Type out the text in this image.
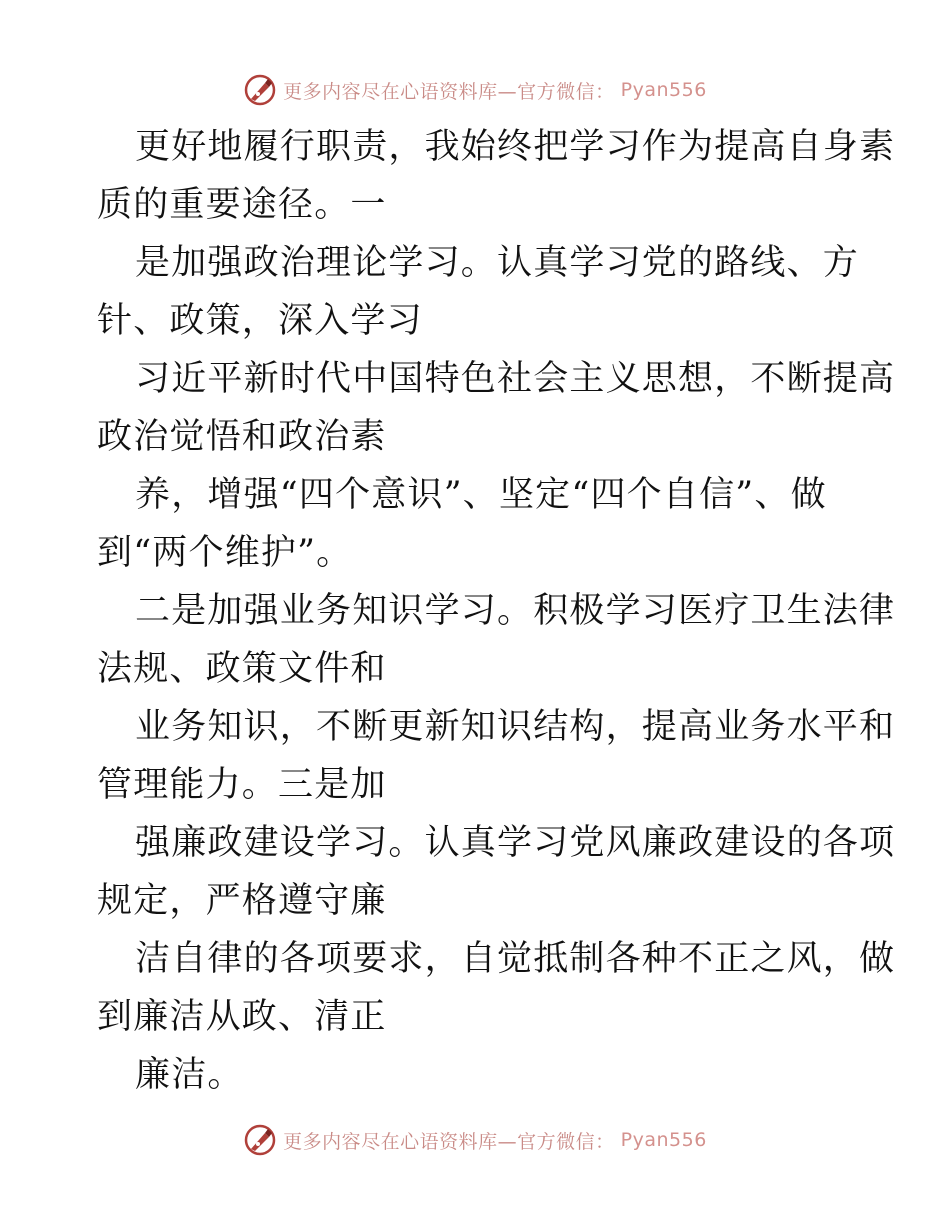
更多内容尽在心语资料库—官方微信： Pyan556
更好地履行职责，我始终把学习作为提高自身素
质的重要途径。一
是加强政治理论学习。认真学习党的路线、方
针、政策，深入学习
习近平新时代中国特色社会主义思想，不断提高
政治觉悟和政治素
养，增强“四个意识”、坚定“四个自信”、做
到“两个维护”。
二是加强业务知识学习。积极学习医疗卫生法律
法规、政策文件和
业务知识，不断更新知识结构，提高业务水平和
管理能力。三是加
强廉政建设学习。认真学习党风廉政建设的各项
规定，严格遵守廉
洁自律的各项要求，自觉抵制各种不正之风，做
到廉洁从政、清正
廉洁。
更多内容尽在心语资料库—官方微信： Pyan556
